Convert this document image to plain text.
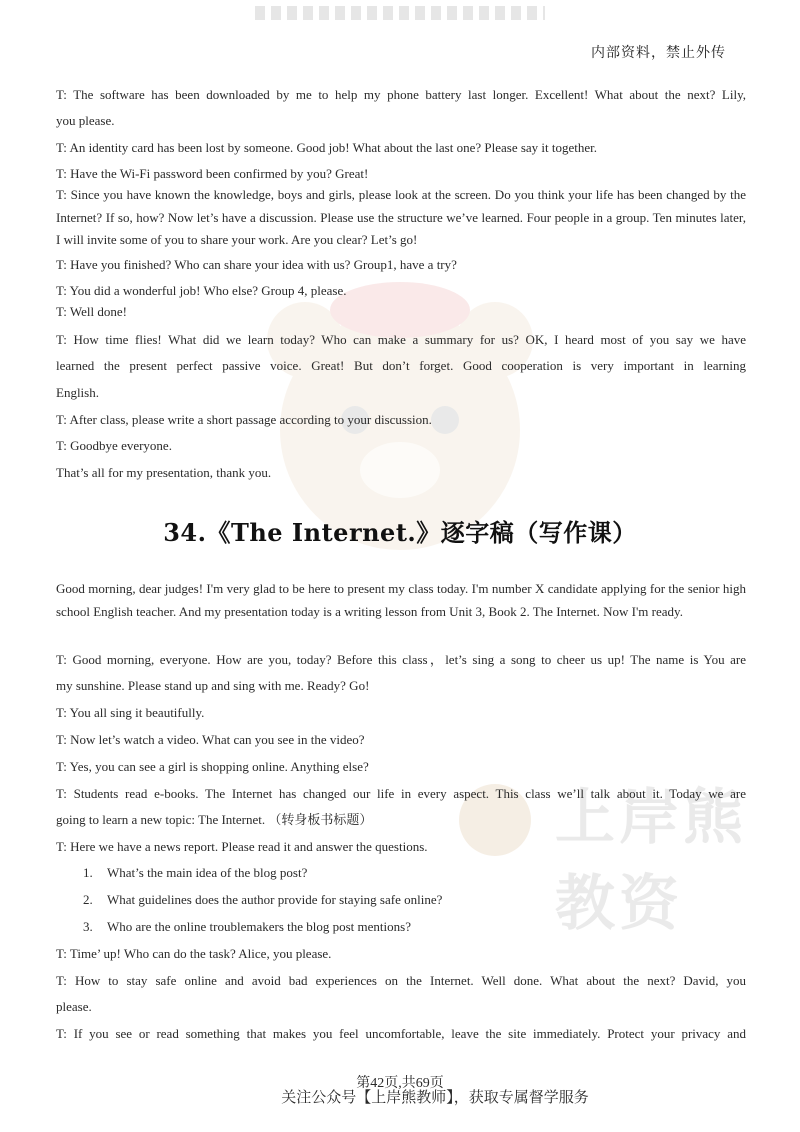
上岸熊教资
内部资料，禁止外传
T: The software has been downloaded by me to help my phone battery last longer. Excellent! What about the next? Lily,
you please.
T: An identity card has been lost by someone. Good job! What about the last one? Please say it together.
T: Have the Wi-Fi password been confirmed by you? Great!
T: Since you have known the knowledge, boys and girls, please look at the screen. Do you think your life has been changed by the Internet? If so, how? Now let’s have a discussion. Please use the structure we’ve learned. Four people in a group. Ten minutes later, I will invite some of you to share your work. Are you clear? Let’s go!
T: Have you finished? Who can share your idea with us? Group1, have a try?
T: You did a wonderful job! Who else? Group 4, please.
T: Well done!
T: How time flies! What did we learn today? Who can make a summary for us? OK, I heard most of you say we have
learned the present perfect passive voice. Great! But don’t forget. Good cooperation is very important in learning
English.
T: After class, please write a short passage according to your discussion.
T: Goodbye everyone.
That’s all for my presentation, thank you.
34.《The Internet.》逐字稿（写作课）
Good morning, dear judges! I'm very glad to be here to present my class today. I'm number X candidate applying for the senior high school English teacher. And my presentation today is a writing lesson from Unit 3, Book 2. The Internet. Now I'm ready.
T: Good morning, everyone. How are you, today? Before this class，let’s sing a song to cheer us up! The name is You are
my sunshine. Please stand up and sing with me. Ready? Go!
T: You all sing it beautifully.
T: Now let’s watch a video. What can you see in the video?
T: Yes, you can see a girl is shopping online. Anything else?
T: Students read e-books. The Internet has changed our life in every aspect. This class we’ll talk about it. Today we are
going to learn a new topic: The Internet. （转身板书标题）
T: Here we have a news report. Please read it and answer the questions.
1. What’s the main idea of the blog post?
2. What guidelines does the author provide for staying safe online?
3. Who are the online troublemakers the blog post mentions?
T: Time’ up! Who can do the task? Alice, you please.
T: How to stay safe online and avoid bad experiences on the Internet. Well done. What about the next? David, you
please.
T: If you see or read something that makes you feel uncomfortable, leave the site immediately. Protect your privacy and
第42页,共69页
关注公众号【上岸熊教师】，获取专属督学服务
